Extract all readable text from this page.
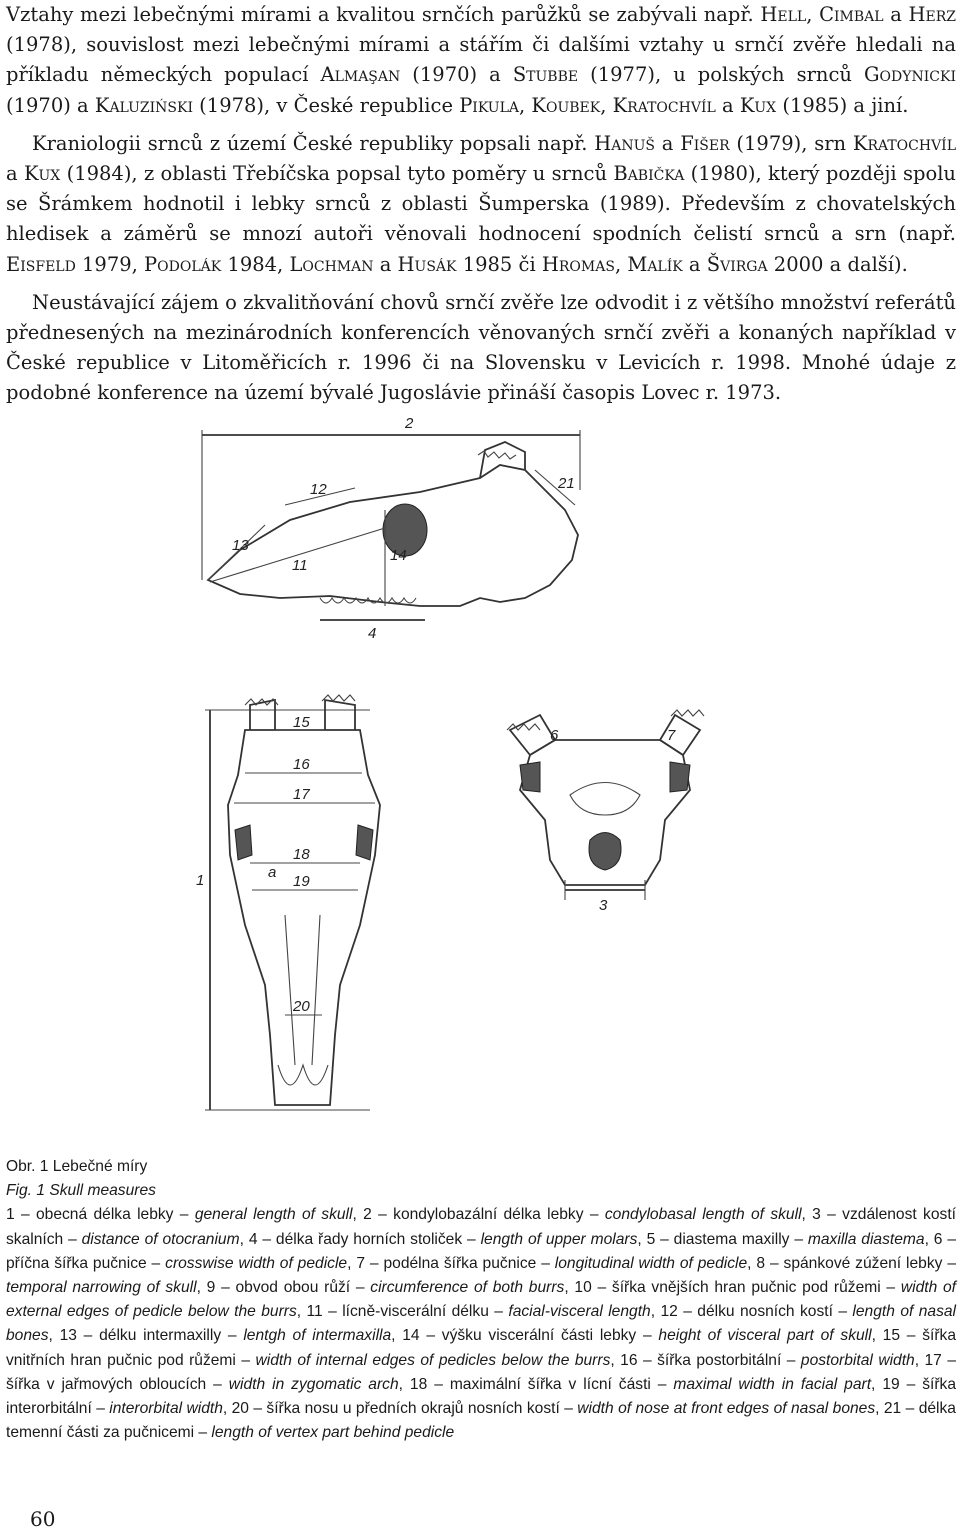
Vztahy mezi lebečnými mírami a kvalitou srnčích parůžků se zabývali např. Hell, Cimbal a Herz (1978), souvislost mezi lebečnými mírami a stářím či dalšími vztahy u srnčí zvěře hledali na příkladu německých populací Almaşan (1970) a Stubbe (1977), u polských srnců Godynicki (1970) a Kaluziński (1978), v České republice Pikula, Koubek, Kratochvíl a Kux (1985) a jiní.

Kraniologii srnců z území České republiky popsali např. Hanuš a Fišer (1979), srn Kratochvíl a Kux (1984), z oblasti Třebíčska popsal tyto poměry u srnců Babička (1980), který později spolu se Šrámkem hodnotil i lebky srnců z oblasti Šumperska (1989). Především z chovatelských hledisek a záměrů se mnozí autoři věnovali hodnocení spodních čelistí srnců a srn (např. Eisfeld 1979, Podolák 1984, Lochman a Husák 1985 či Hromas, Malík a Švirga 2000 a další).

Neustávající zájem o zkvalitňování chovů srnčí zvěře lze odvodit i z většího množství referátů přednesených na mezinárodních konferencích věnovaných srnčí zvěři a konaných například v České republice v Litoměřicích r. 1996 či na Slovensku v Levicích r. 1998. Mnohé údaje z podobné konference na území bývalé Jugoslávie přináší časopis Lovec r. 1973.

2
12	21
13
11
14
4
15
16
17
18
19
20
1	a
6	7
3
Obr. 1 Lebečné míry
Fig. 1 Skull measures
1 – obecná délka lebky – general length of skull, 2 – kondylobazální délka lebky – condylobasal length of skull, 3 – vzdálenost kostí skalních – distance of otocranium, 4 – délka řady horních stoliček – length of upper molars, 5 – diastema maxilly – maxilla diastema, 6 – příčna šířka pučnice – crosswise width of pedicle, 7 – podélna šířka pučnice – longitudinal width of pedicle, 8 – spánkové zúžení lebky – temporal narrowing of skull, 9 – obvod obou růží – circumference of both burrs, 10 – šířka vnějších hran pučnic pod růžemi – width of external edges of pedicle below the burrs, 11 – lícně-viscerální délku – facial-visceral length, 12 – délku nosních kostí – length of nasal bones, 13 – délku intermaxilly – lentgh of intermaxilla, 14 – výšku viscerální části lebky – height of visceral part of skull, 15 – šířka vnitřních hran pučnic pod růžemi – width of internal edges of pedicles below the burrs, 16 – šířka postorbitální – postorbital width, 17 – šířka v jařmových obloucích – width in zygomatic arch, 18 – maximální šířka v lícní části – maximal width in facial part, 19 – šířka interorbitální – interorbital width, 20 – šířka nosu u předních okrajů nosních kostí – width of nose at front edges of nasal bones, 21 – délka temenní části za pučnicemi – length of vertex part behind pedicle
60
